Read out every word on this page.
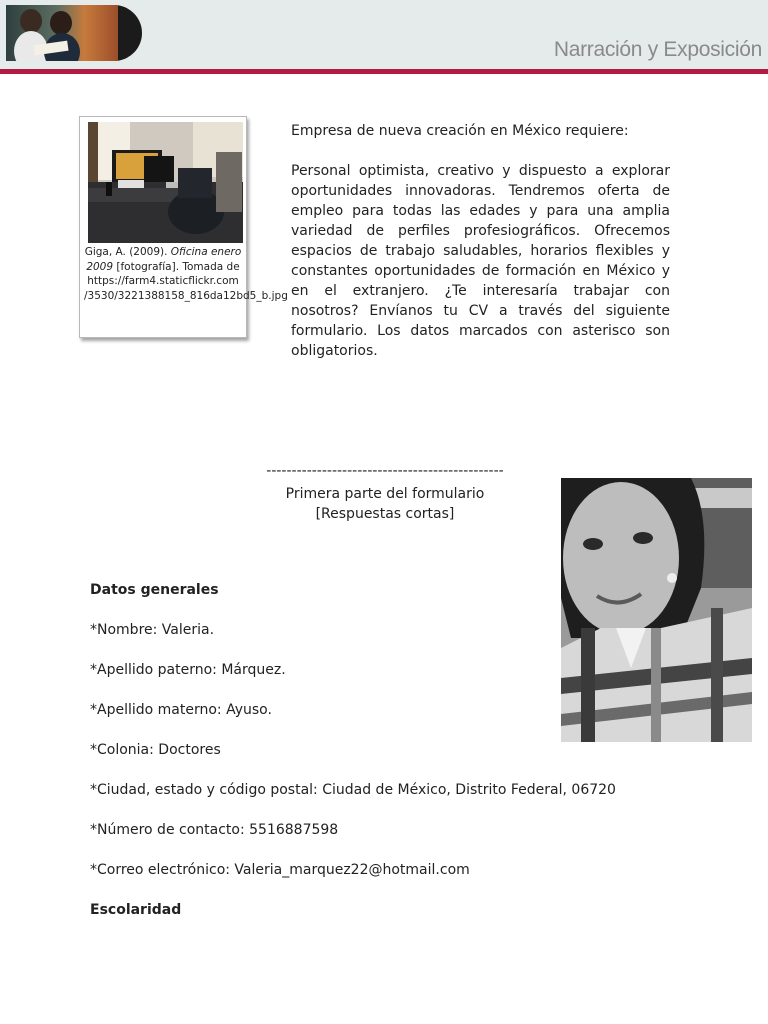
Narración y Exposición
Giga, A. (2009). Oficina enero 2009 [fotografía]. Tomada de https://farm4.staticflickr.com /3530/3221388158_816da12bd5_b.jpg

Empresa de nueva creación en México requiere:

Personal optimista, creativo y dispuesto a explorar oportunidades innovadoras. Tendremos oferta de empleo para todas las edades y para una amplia variedad de perfiles profesiográficos. Ofrecemos espacios de trabajo saludables, horarios flexibles y constantes oportunidades de formación en México y en el extranjero. ¿Te interesaría trabajar con nosotros? Envíanos tu CV a través del siguiente formulario. Los datos marcados con asterisco son obligatorios.

-----------------------------------------------
Primera parte del formulario
[Respuestas cortas]
Datos generales
*Nombre: Valeria.
*Apellido paterno: Márquez.
*Apellido materno: Ayuso.
*Colonia: Doctores
*Ciudad, estado y código postal: Ciudad de México, Distrito Federal, 06720
*Número de contacto: 5516887598
*Correo electrónico: Valeria_marquez22@hotmail.com
Escolaridad
